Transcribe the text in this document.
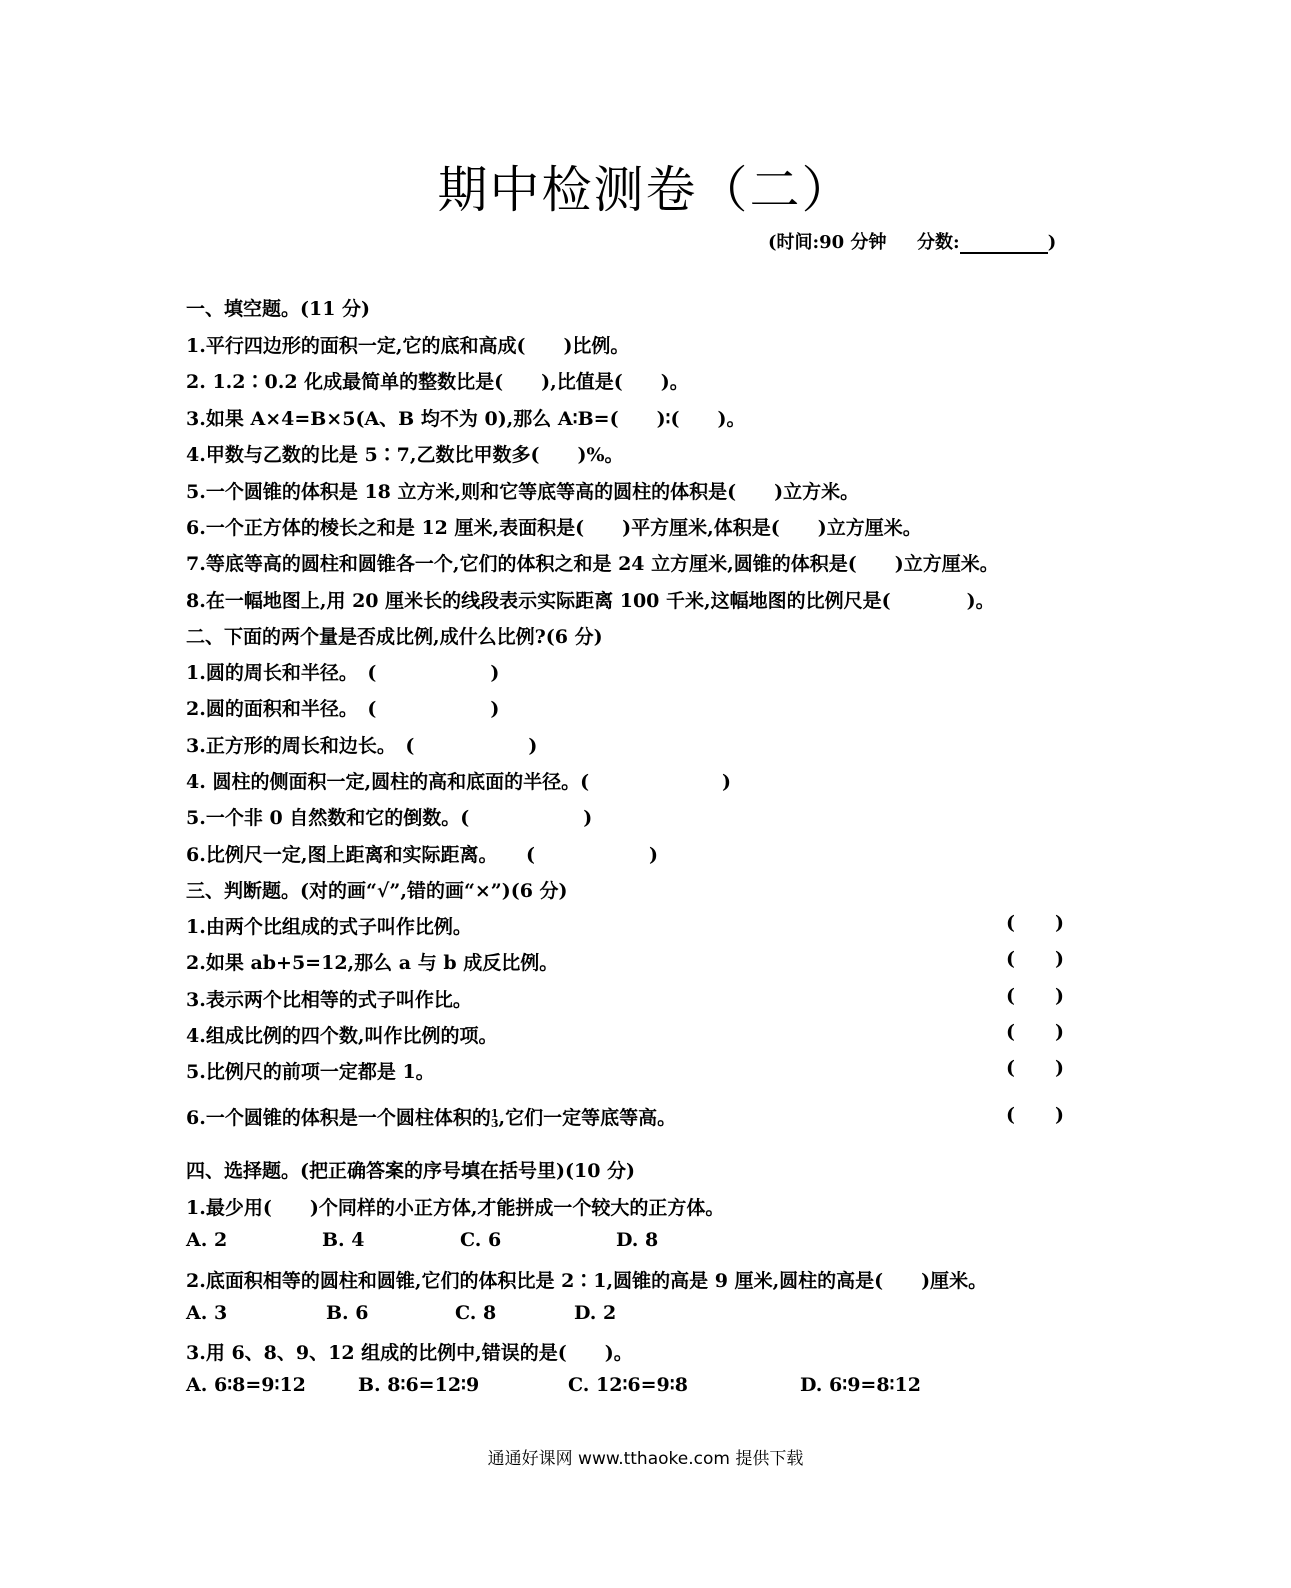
期中检测卷（二）
(时间:90 分钟 分数:	)
一、填空题。(11 分)
1.平行四边形的面积一定,它的底和高成(　　)比例。
2. 1.2∶0.2 化成最简单的整数比是(　　),比值是(　　)。
3.如果 A×4=B×5(A、B 均不为 0),那么 A∶B=(　　)∶(　　)。
4.甲数与乙数的比是 5∶7,乙数比甲数多(　　)%。
5.一个圆锥的体积是 18 立方米,则和它等底等高的圆柱的体积是(　　)立方米。
6.一个正方体的棱长之和是 12 厘米,表面积是(　　)平方厘米,体积是(　　)立方厘米。
7.等底等高的圆柱和圆锥各一个,它们的体积之和是 24 立方厘米,圆锥的体积是(　　)立方厘米。
8.在一幅地图上,用 20 厘米长的线段表示实际距离 100 千米,这幅地图的比例尺是(　　　　)。
二、下面的两个量是否成比例,成什么比例?(6 分)
1.圆的周长和半径。　(　　　　　　)
2.圆的面积和半径。　(　　　　　　)
3.正方形的周长和边长。　(　　　　　　)
4. 圆柱的侧面积一定,圆柱的高和底面的半径。(　　　　　　　)
5.一个非 0 自然数和它的倒数。(　　　　　　)
6.比例尺一定,图上距离和实际距离。　　(　　　　　　)
三、判断题。(对的画“√”,错的画“×”)(6 分)
1.由两个比组成的式子叫作比例。	( )
2.如果 ab+5=12,那么 a 与 b 成反比例。	( )
3.表示两个比相等的式子叫作比。	( )
4.组成比例的四个数,叫作比例的项。	( )
5.比例尺的前项一定都是 1。	( )
6.一个圆锥的体积是一个圆柱体积的 1
3 ,它们一定等底等高。	( )
四、选择题。(把正确答案的序号填在括号里)(10 分)
1.最少用(　　)个同样的小正方体,才能拼成一个较大的正方体。
A. 2	B. 4	C. 6	D. 8
2.底面积相等的圆柱和圆锥,它们的体积比是 2∶1,圆锥的高是 9 厘米,圆柱的高是(　　)厘米。
A. 3	B. 6	C. 8	D. 2
3.用 6、8、9、12 组成的比例中,错误的是(　　)。
A. 6∶8=9∶12	B. 8∶6=12∶9	C. 12∶6=9∶8	D. 6∶9=8∶12
通通好课网 www.tthaoke.com 提供下载
